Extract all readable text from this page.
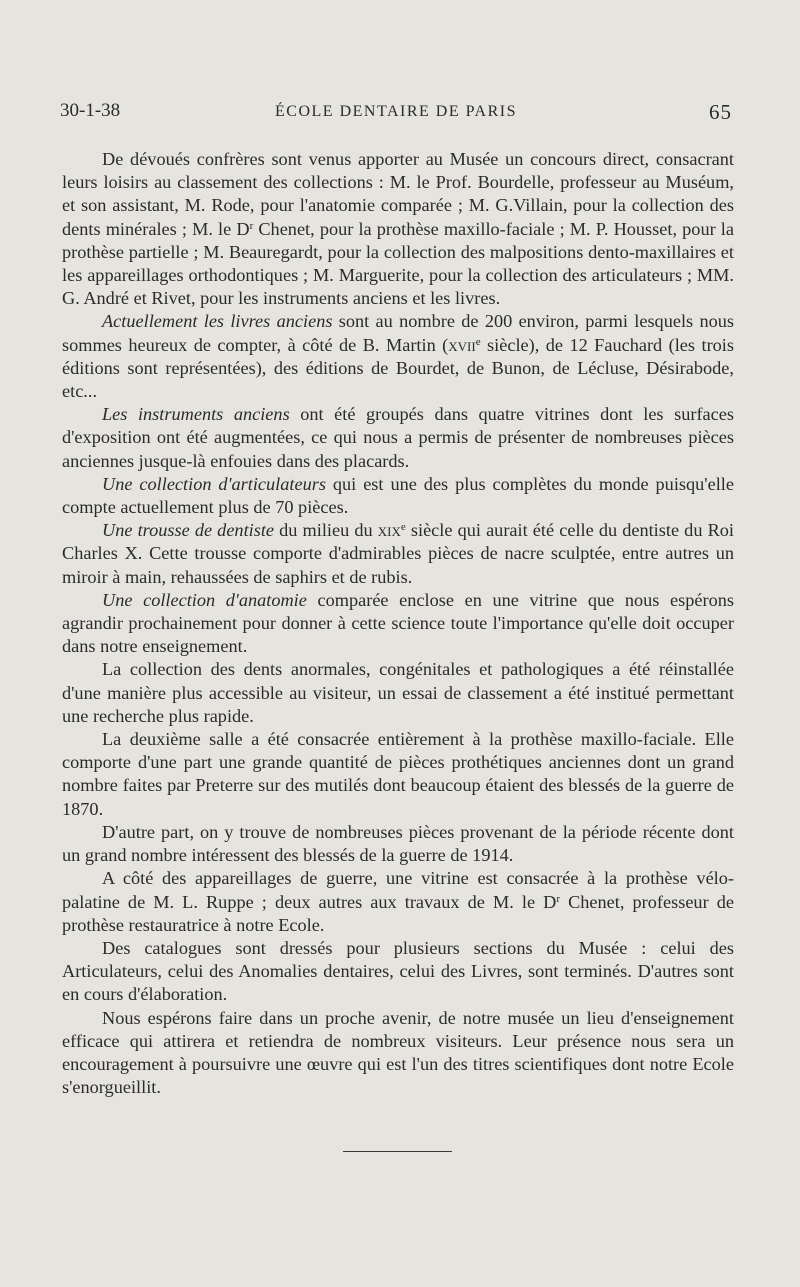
30-1-38	ÉCOLE DENTAIRE DE PARIS	65

De dévoués confrères sont venus apporter au Musée un concours direct, consacrant leurs loisirs au classement des collections : M. le Prof. Bourdelle, professeur au Muséum, et son assistant, M. Rode, pour l'anatomie comparée ; M. G.Villain, pour la collection des dents minérales ; M. le $D^r$ Chenet, pour la prothèse maxillo-faciale ; M. P. Housset, pour la prothèse partielle ; M. Beauregardt, pour la collection des malpositions dento-maxillaires et les appareillages orthodontiques ; M. Marguerite, pour la collection des articulateurs ; MM. G. André et Rivet, pour les instruments anciens et les livres.

Actuellement les livres anciens sont au nombre de 200 environ, parmi lesquels nous sommes heureux de compter, à côté de B. Martin (xvii$^e$ siècle), de 12 Fauchard (les trois éditions sont représentées), des éditions de Bourdet, de Bunon, de Lécluse, Désirabode, etc...

Les instruments anciens ont été groupés dans quatre vitrines dont les surfaces d'exposition ont été augmentées, ce qui nous a permis de présenter de nombreuses pièces anciennes jusque-là enfouies dans des placards.

Une collection d'articulateurs qui est une des plus complètes du monde puisqu'elle compte actuellement plus de 70 pièces.

Une trousse de dentiste du milieu du xix$^e$ siècle qui aurait été celle du dentiste du Roi Charles X. Cette trousse comporte d'admirables pièces de nacre sculptée, entre autres un miroir à main, rehaussées de saphirs et de rubis.

Une collection d'anatomie comparée enclose en une vitrine que nous espérons agrandir prochainement pour donner à cette science toute l'importance qu'elle doit occuper dans notre enseignement.

La collection des dents anormales, congénitales et pathologiques a été réinstallée d'une manière plus accessible au visiteur, un essai de classement a été institué permettant une recherche plus rapide.

La deuxième salle a été consacrée entièrement à la prothèse maxillo-faciale. Elle comporte d'une part une grande quantité de pièces prothétiques anciennes dont un grand nombre faites par Preterre sur des mutilés dont beaucoup étaient des blessés de la guerre de 1870.

D'autre part, on y trouve de nombreuses pièces provenant de la période récente dont un grand nombre intéressent des blessés de la guerre de 1914.

A côté des appareillages de guerre, une vitrine est consacrée à la prothèse vélo-palatine de M. L. Ruppe ; deux autres aux travaux de M. le $D^r$ Chenet, professeur de prothèse restauratrice à notre Ecole.

Des catalogues sont dressés pour plusieurs sections du Musée : celui des Articulateurs, celui des Anomalies dentaires, celui des Livres, sont terminés. D'autres sont en cours d'élaboration.

Nous espérons faire dans un proche avenir, de notre musée un lieu d'enseignement efficace qui attirera et retiendra de nombreux visiteurs. Leur présence nous sera un encouragement à poursuivre une œuvre qui est l'un des titres scientifiques dont notre Ecole s'enorgueillit.
